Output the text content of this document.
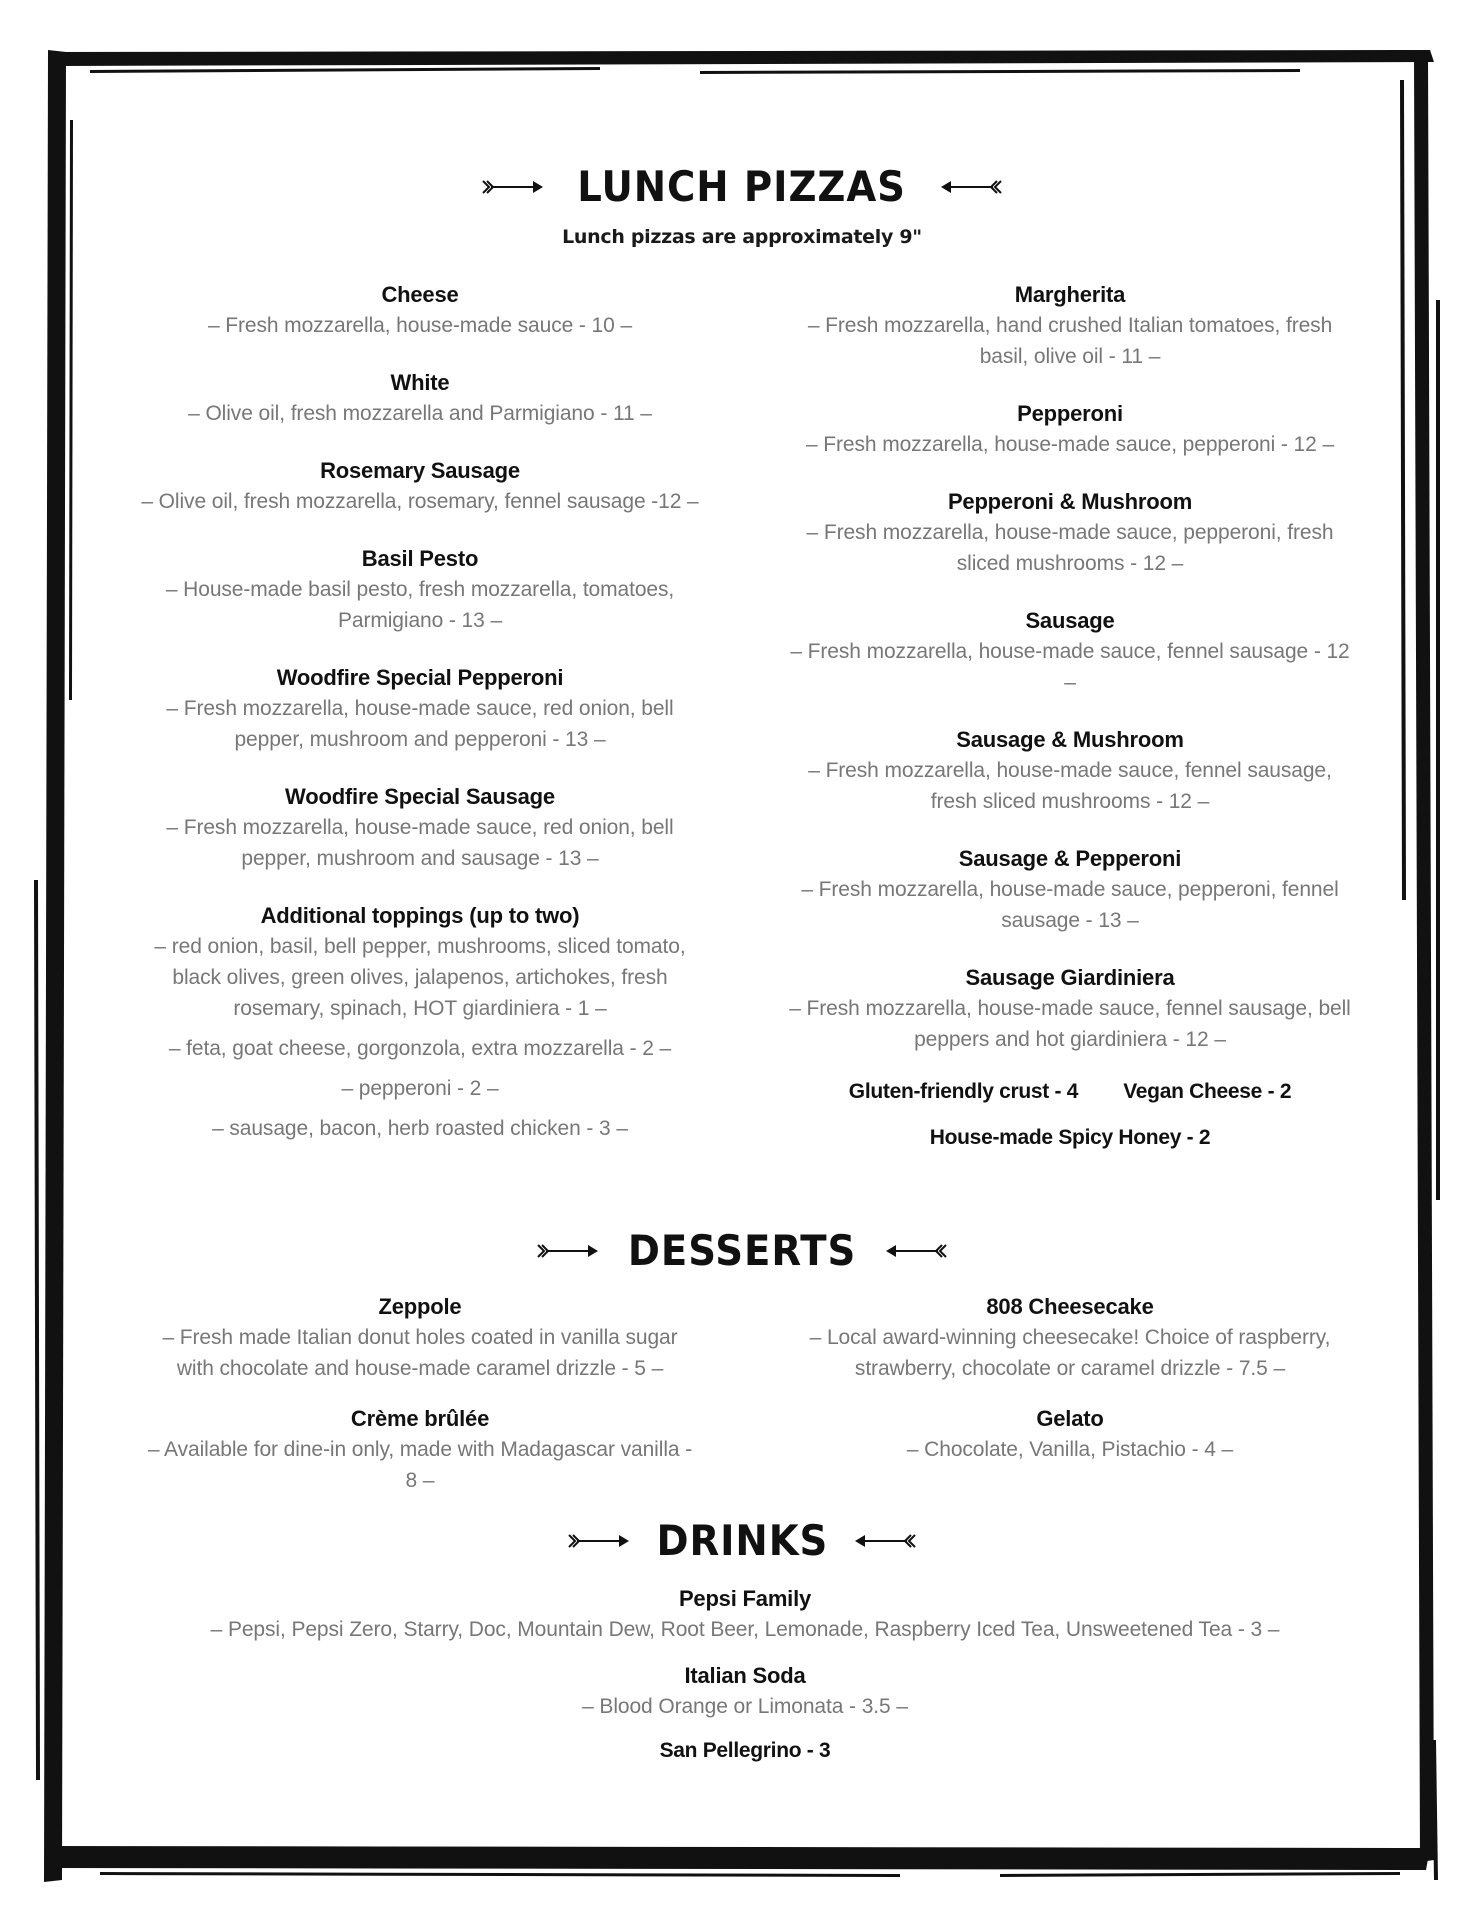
LUNCH PIZZAS
Lunch pizzas are approximately 9"
Cheese
– Fresh mozzarella, house-made sauce - 10 –
White
– Olive oil, fresh mozzarella and Parmigiano - 11 –
Rosemary Sausage
– Olive oil, fresh mozzarella, rosemary, fennel sausage -12 –
Basil Pesto
– House-made basil pesto, fresh mozzarella, tomatoes,
Parmigiano - 13 –
Woodfire Special Pepperoni
– Fresh mozzarella, house-made sauce, red onion, bell
pepper, mushroom and pepperoni - 13 –
Woodfire Special Sausage
– Fresh mozzarella, house-made sauce, red onion, bell
pepper, mushroom and sausage - 13 –
Additional toppings (up to two)
– red onion, basil, bell pepper, mushrooms, sliced tomato,
black olives, green olives, jalapenos, artichokes, fresh
rosemary, spinach, HOT giardiniera - 1 –
– feta, goat cheese, gorgonzola, extra mozzarella - 2 –
– pepperoni - 2 –
– sausage, bacon, herb roasted chicken - 3 –
Margherita
– Fresh mozzarella, hand crushed Italian tomatoes, fresh
basil, olive oil - 11 –
Pepperoni
– Fresh mozzarella, house-made sauce, pepperoni - 12 –
Pepperoni & Mushroom
– Fresh mozzarella, house-made sauce, pepperoni, fresh
sliced mushrooms - 12 –
Sausage
– Fresh mozzarella, house-made sauce, fennel sausage - 12
–
Sausage & Mushroom
– Fresh mozzarella, house-made sauce, fennel sausage,
fresh sliced mushrooms - 12 –
Sausage & Pepperoni
– Fresh mozzarella, house-made sauce, pepperoni, fennel
sausage - 13 –
Sausage Giardiniera
– Fresh mozzarella, house-made sauce, fennel sausage, bell
peppers and hot giardiniera - 12 –
Gluten-friendly crust - 4 Vegan Cheese - 2
House-made Spicy Honey - 2
DESSERTS
Zeppole
– Fresh made Italian donut holes coated in vanilla sugar
with chocolate and house-made caramel drizzle - 5 –
Crème brûlée
– Available for dine-in only, made with Madagascar vanilla -
8 –
808 Cheesecake
– Local award-winning cheesecake! Choice of raspberry,
strawberry, chocolate or caramel drizzle - 7.5 –
Gelato
– Chocolate, Vanilla, Pistachio - 4 –
DRINKS
Pepsi Family
– Pepsi, Pepsi Zero, Starry, Doc, Mountain Dew, Root Beer, Lemonade, Raspberry Iced Tea, Unsweetened Tea - 3 –
Italian Soda
– Blood Orange or Limonata - 3.5 –
San Pellegrino - 3
